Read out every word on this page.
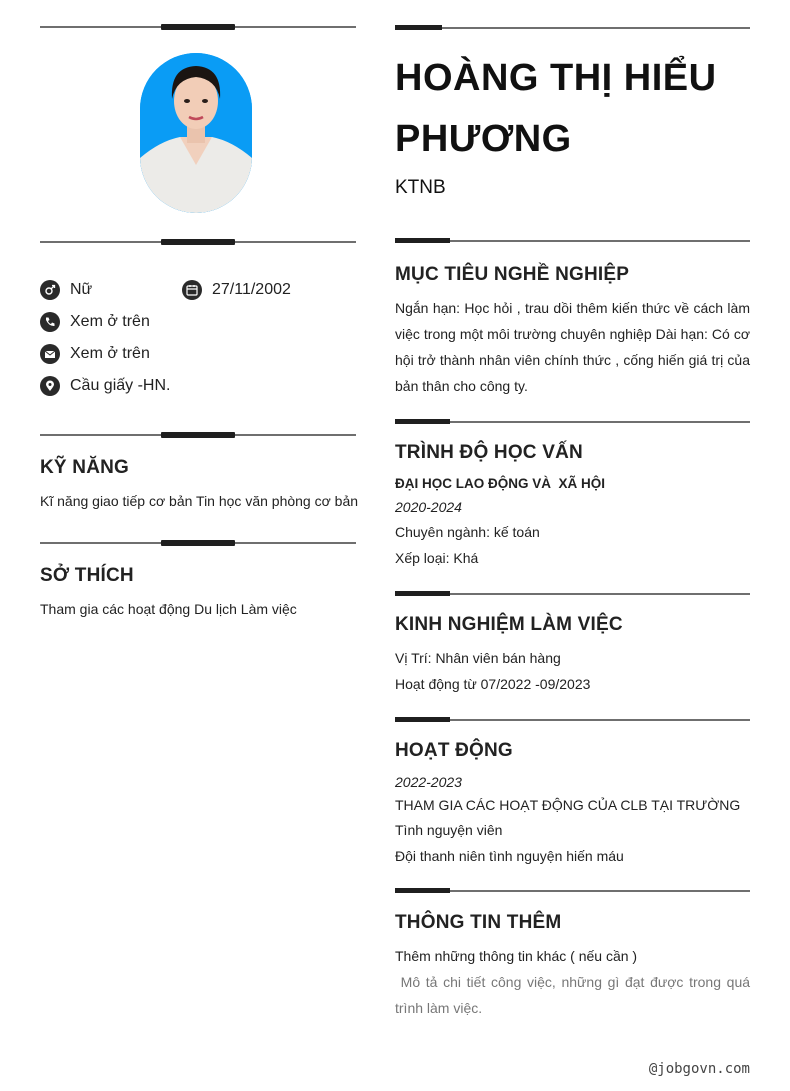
Nữ	27/11/2002
Xem ở trên
Xem ở trên
Cầu giấy -HN.
KỸ NĂNG
Kĩ năng giao tiếp cơ bản Tin học văn phòng cơ bản
SỞ THÍCH
Tham gia các hoạt động Du lịch Làm việc
HOÀNG THỊ HIỂU PHƯƠNG
KTNB
MỤC TIÊU NGHỀ NGHIỆP
Ngắn hạn: Học hỏi , trau dồi thêm kiến thức về cách làm việc trong một môi trường chuyên nghiệp Dài hạn: Có cơ hội trở thành nhân viên chính thức , cống hiến giá trị của bản thân cho công ty.
TRÌNH ĐỘ HỌC VẤN
ĐẠI HỌC LAO ĐỘNG VÀ  XÃ HỘI
2020-2024
Chuyên ngành: kế toán
Xếp loại: Khá
KINH NGHIỆM LÀM VIỆC
Vị Trí: Nhân viên bán hàng
Hoạt động từ 07/2022 -09/2023
HOẠT ĐỘNG
2022-2023
THAM GIA CÁC HOẠT ĐỘNG CỦA CLB TẠI TRƯỜNG
Tình nguyện viên
Đội thanh niên tình nguyện hiến máu
THÔNG TIN THÊM
Thêm những thông tin khác ( nếu cần )
Mô tả chi tiết công việc, những gì đạt được trong quá trình làm việc.
@jobgovn.com
